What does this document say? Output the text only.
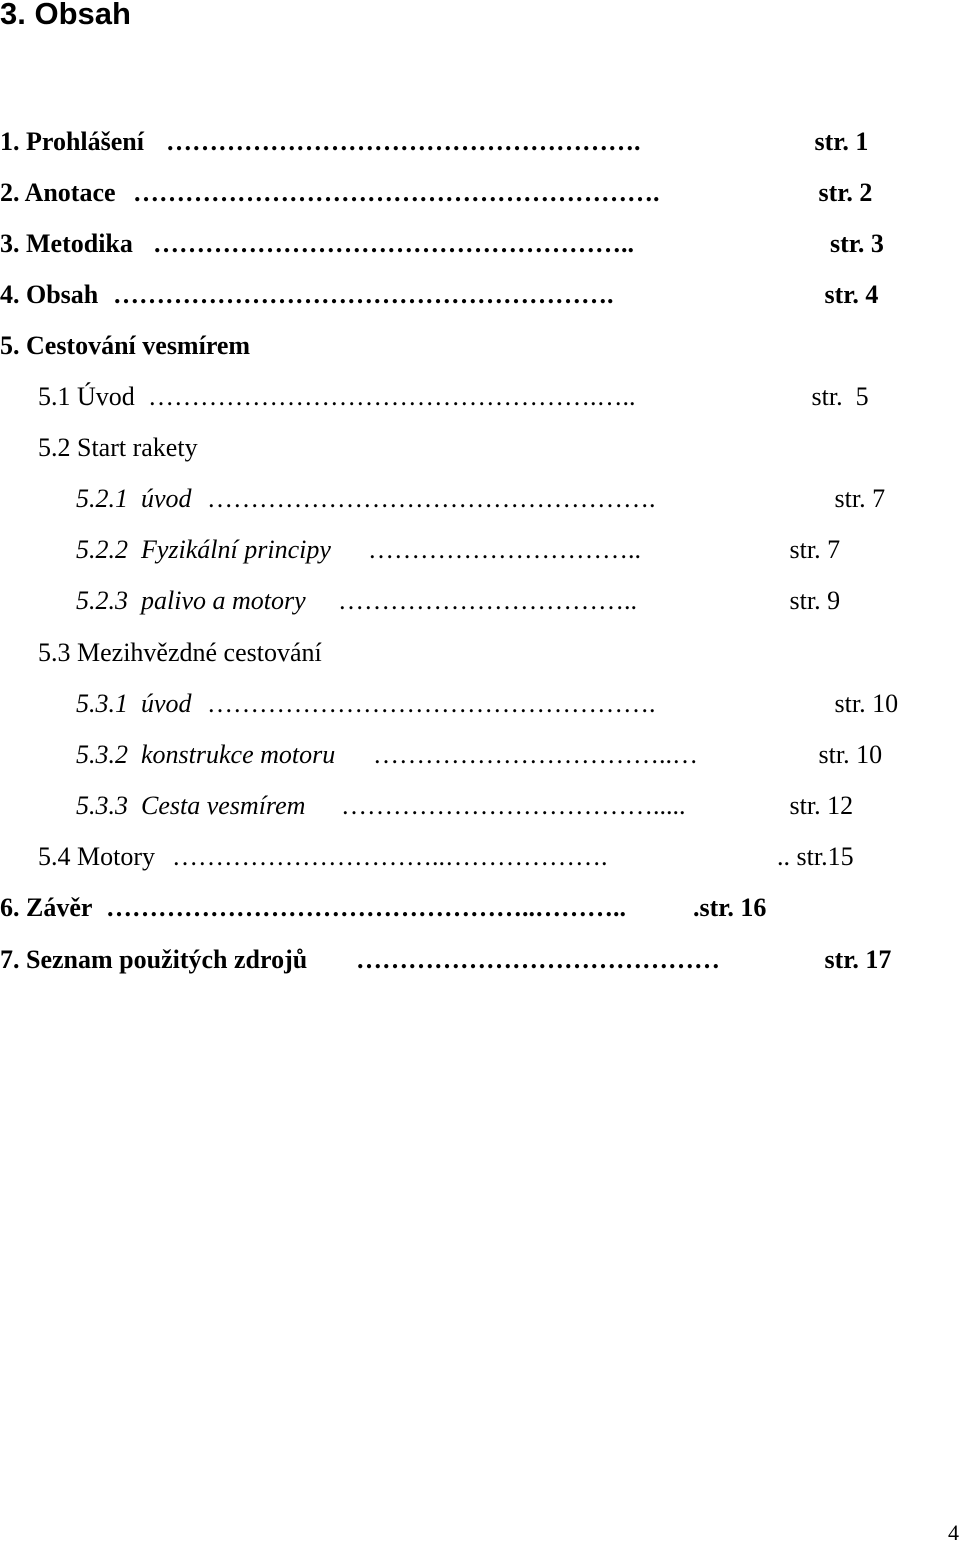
3. Obsah
1. Prohlášení ……………………………………………….	str. 1
2. Anotace …………………………………………………….	str. 2
3. Metodika ………………………………………………..	str. 3
4. Obsah ………………………………………………….	str. 4
5. Cestování vesmírem
5.1 Úvod …………………………………………….…..	str.  5
5.2 Start rakety
5.2.1  úvod …………………………………………….	str. 7
5.2.2  Fyzikální principy …………………………..	str. 7
5.2.3  palivo a motory ……………………………..	str. 9
5.3 Mezihvězdné cestování
5.3.1  úvod …………………………………………….	str. 10
5.3.2  konstrukce motoru ……………………………..…	str. 10
5.3.3  Cesta vesmírem ……………………………….....	str. 12
5.4 Motory …………………………..……………….	.. str.15
6. Závěr …………………………………………..………..	.str. 16
7. Seznam použitých zdrojů ……………………………………	str. 17
4
